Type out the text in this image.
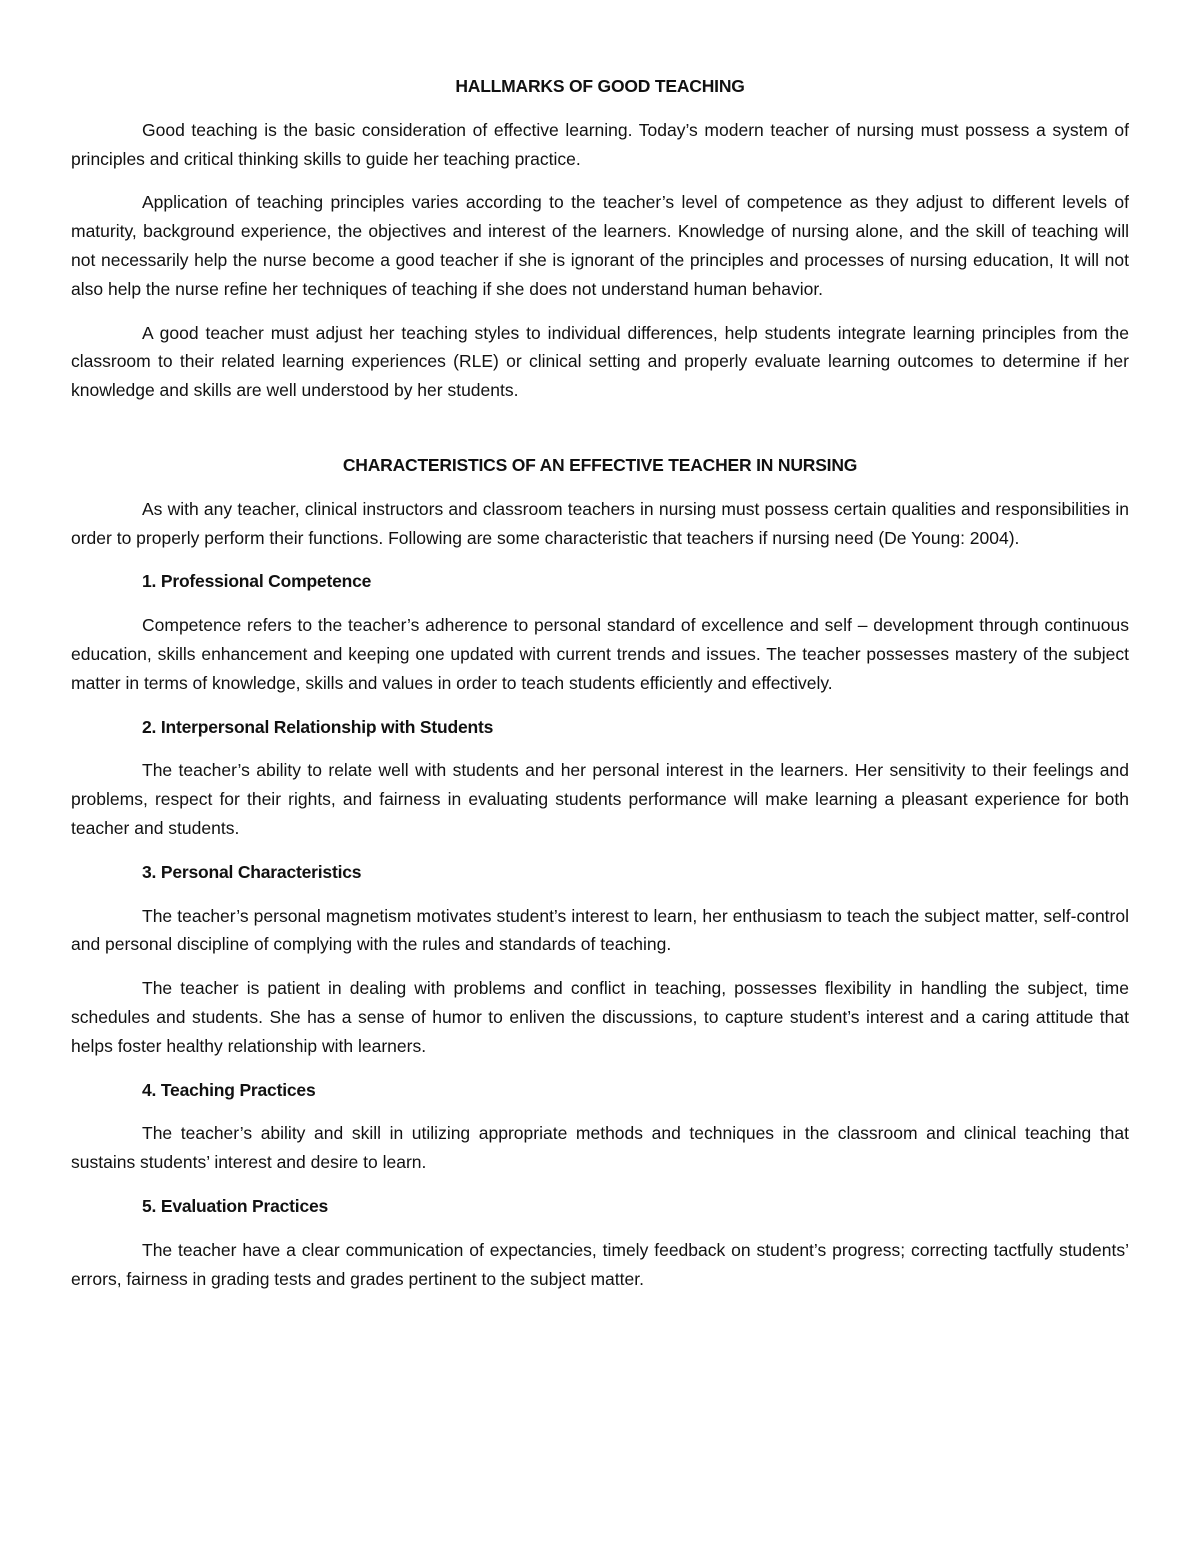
HALLMARKS OF GOOD TEACHING

Good teaching is the basic consideration of effective learning. Today’s modern teacher of nursing must possess a system of principles and critical thinking skills to guide her teaching practice.

Application of teaching principles varies according to the teacher’s level of competence as they adjust to different levels of maturity, background experience, the objectives and interest of the learners. Knowledge of nursing alone, and the skill of teaching will not necessarily help the nurse become a good teacher if she is ignorant of the principles and processes of nursing education, It will not also help the nurse refine her techniques of teaching if she does not understand human behavior.

A good teacher must adjust her teaching styles to individual differences, help students integrate learning principles from the classroom to their related learning experiences (RLE) or clinical setting and properly evaluate learning outcomes to determine if her knowledge and skills are well understood by her students.

CHARACTERISTICS OF AN EFFECTIVE TEACHER IN NURSING

As with any teacher, clinical instructors and classroom teachers in nursing must possess certain qualities and responsibilities in order to properly perform their functions. Following are some characteristic that teachers if nursing need (De Young: 2004).

1. Professional Competence

Competence refers to the teacher’s adherence to personal standard of excellence and self – development through continuous education, skills enhancement and keeping one updated with current trends and issues. The teacher possesses mastery of the subject matter in terms of knowledge, skills and values in order to teach students efficiently and effectively.

2. Interpersonal Relationship with Students

The teacher’s ability to relate well with students and her personal interest in the learners. Her sensitivity to their feelings and problems, respect for their rights, and fairness in evaluating students performance will make learning a pleasant experience for both teacher and students.

3. Personal Characteristics

The teacher’s personal magnetism motivates student’s interest to learn, her enthusiasm to teach the subject matter, self-control and personal discipline of complying with the rules and standards of teaching.

The teacher is patient in dealing with problems and conflict in teaching, possesses flexibility in handling the subject, time schedules and students. She has a sense of humor to enliven the discussions, to capture student’s interest and a caring attitude that helps foster healthy relationship with learners.

4. Teaching Practices

The teacher’s ability and skill in utilizing appropriate methods and techniques in the classroom and clinical teaching that sustains students’ interest and desire to learn.

5. Evaluation Practices

The teacher have a clear communication of expectancies, timely feedback on student’s progress; correcting tactfully students’ errors, fairness in grading tests and grades pertinent to the subject matter.
